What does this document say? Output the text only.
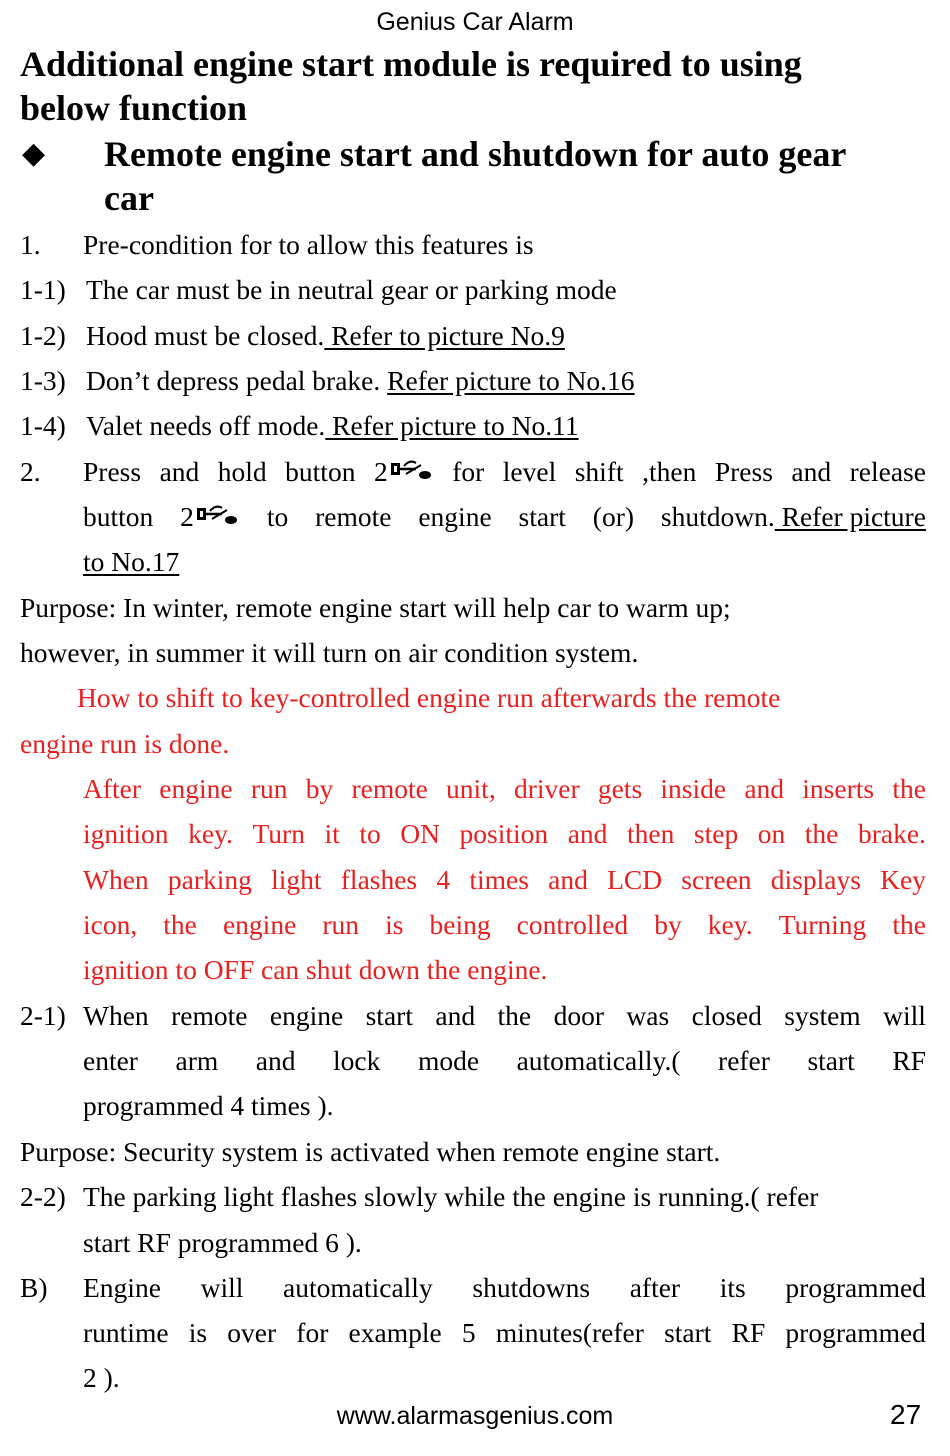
Genius Car Alarm
Additional engine start module is required to using
below function
◆ Remote engine start and shutdown for auto gear
car
1. Pre-condition for to allow this features is
1-1) The car must be in neutral gear or parking mode
1-2) Hood must be closed. Refer to picture No.9
1-3) Don’t depress pedal brake. Refer picture to No.16
1-4) Valet needs off mode. Refer picture to No.11
2. Press and hold button 2	for level shift ,then Press and release
button 2	to remote engine start (or) shutdown. Refer picture
to No.17
Purpose: In winter, remote engine start will help car to warm up;
however, in summer it will turn on air condition system.
How to shift to key-controlled engine run afterwards the remote
engine run is done.
After engine run by remote unit, driver gets inside and inserts the
ignition key. Turn it to ON position and then step on the brake.
When parking light flashes 4 times and LCD screen displays Key
icon, the engine run is being controlled by key. Turning the
ignition to OFF can shut down the engine.
2-1) When remote engine start and the door was closed system will
enter arm and lock mode automatically.( refer start RF
programmed 4 times ).
Purpose: Security system is activated when remote engine start.
2-2) The parking light flashes slowly while the engine is running.( refer
start RF programmed 6 ).
B) Engine will automatically shutdowns after its programmed
runtime is over for example 5 minutes(refer start RF programmed
2 ).
www.alarmasgenius.com	27
